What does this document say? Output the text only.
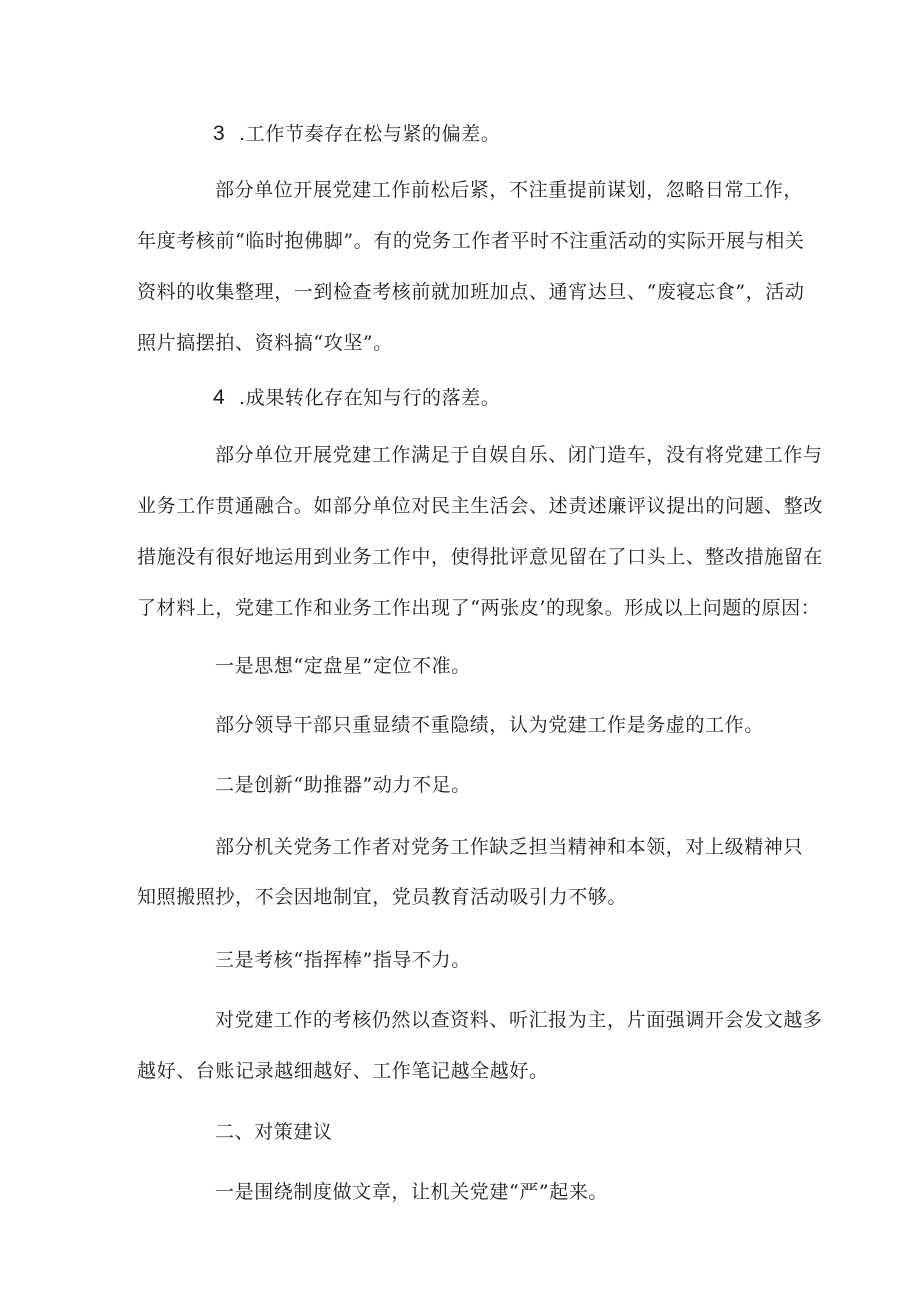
3 .工作节奏存在松与紧的偏差。
部分单位开展党建工作前松后紧，不注重提前谋划，忽略日常工作，
年度考核前“临时抱佛脚”。有的党务工作者平时不注重活动的实际开展与相关
资料的收集整理，一到检查考核前就加班加点、通宵达旦、“废寝忘食”，活动
照片搞摆拍、资料搞“攻坚”。
4 .成果转化存在知与行的落差。
部分单位开展党建工作满足于自娱自乐、闭门造车，没有将党建工作与
业务工作贯通融合。如部分单位对民主生活会、述责述廉评议提出的问题、整改
措施没有很好地运用到业务工作中，使得批评意见留在了口头上、整改措施留在
了材料上，党建工作和业务工作出现了“两张皮’的现象。形成以上问题的原因：
一是思想“定盘星”定位不准。
部分领导干部只重显绩不重隐绩，认为党建工作是务虚的工作。
二是创新“助推器”动力不足。
部分机关党务工作者对党务工作缺乏担当精神和本领，对上级精神只
知照搬照抄，不会因地制宜，党员教育活动吸引力不够。
三是考核“指挥棒”指导不力。
对党建工作的考核仍然以查资料、听汇报为主，片面强调开会发文越多
越好、台账记录越细越好、工作笔记越全越好。
二、对策建议
一是围绕制度做文章，让机关党建“严”起来。
